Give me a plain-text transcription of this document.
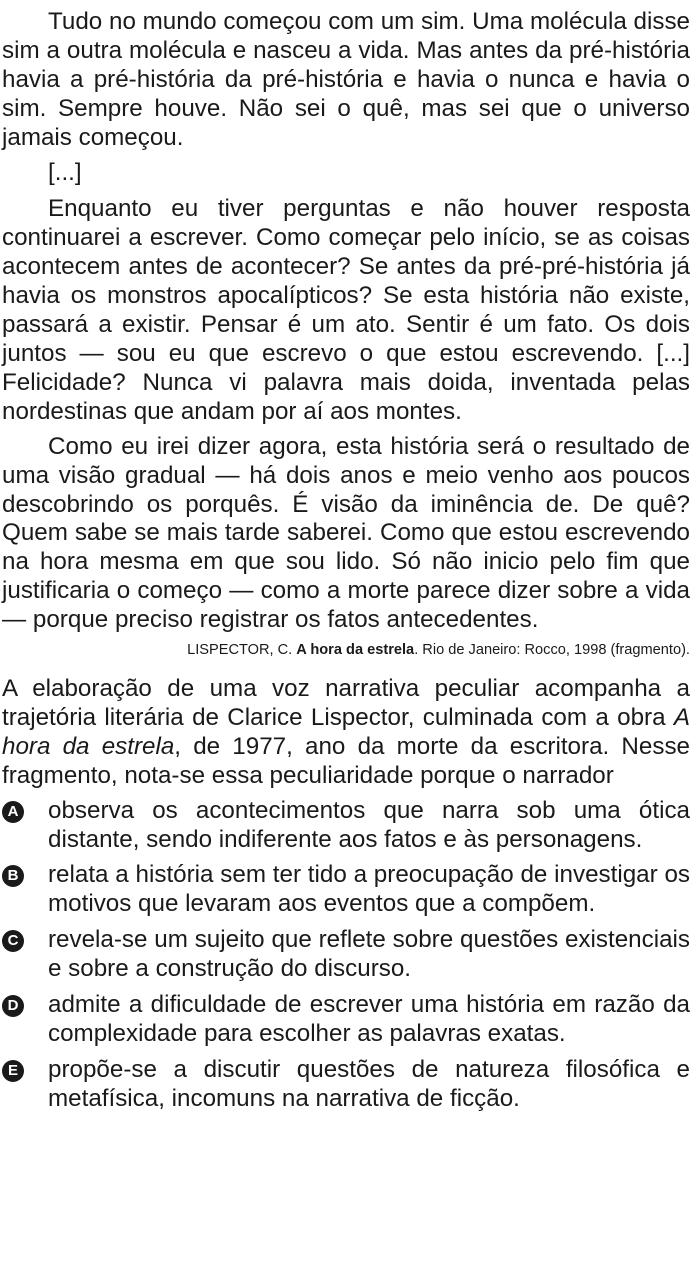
Tudo no mundo começou com um sim. Uma molécula disse sim a outra molécula e nasceu a vida. Mas antes da pré-história havia a pré-história da pré-história e havia o nunca e havia o sim. Sempre houve. Não sei o quê, mas sei que o universo jamais começou.

[...]

Enquanto eu tiver perguntas e não houver resposta continuarei a escrever. Como começar pelo início, se as coisas acontecem antes de acontecer? Se antes da pré-pré-história já havia os monstros apocalípticos? Se esta história não existe, passará a existir. Pensar é um ato. Sentir é um fato. Os dois juntos — sou eu que escrevo o que estou escrevendo. [...] Felicidade? Nunca vi palavra mais doida, inventada pelas nordestinas que andam por aí aos montes.

Como eu irei dizer agora, esta história será o resultado de uma visão gradual — há dois anos e meio venho aos poucos descobrindo os porquês. É visão da iminência de. De quê? Quem sabe se mais tarde saberei. Como que estou escrevendo na hora mesma em que sou lido. Só não inicio pelo fim que justificaria o começo — como a morte parece dizer sobre a vida — porque preciso registrar os fatos antecedentes.

LISPECTOR, C. A hora da estrela. Rio de Janeiro: Rocco, 1998 (fragmento).
A elaboração de uma voz narrativa peculiar acompanha a trajetória literária de Clarice Lispector, culminada com a obra A hora da estrela, de 1977, ano da morte da escritora. Nesse fragmento, nota-se essa peculiaridade porque o narrador
A observa os acontecimentos que narra sob uma ótica distante, sendo indiferente aos fatos e às personagens.
B relata a história sem ter tido a preocupação de investigar os motivos que levaram aos eventos que a compõem.
C revela-se um sujeito que reflete sobre questões existenciais e sobre a construção do discurso.
D admite a dificuldade de escrever uma história em razão da complexidade para escolher as palavras exatas.
E propõe-se a discutir questões de natureza filosófica e metafísica, incomuns na narrativa de ficção.
